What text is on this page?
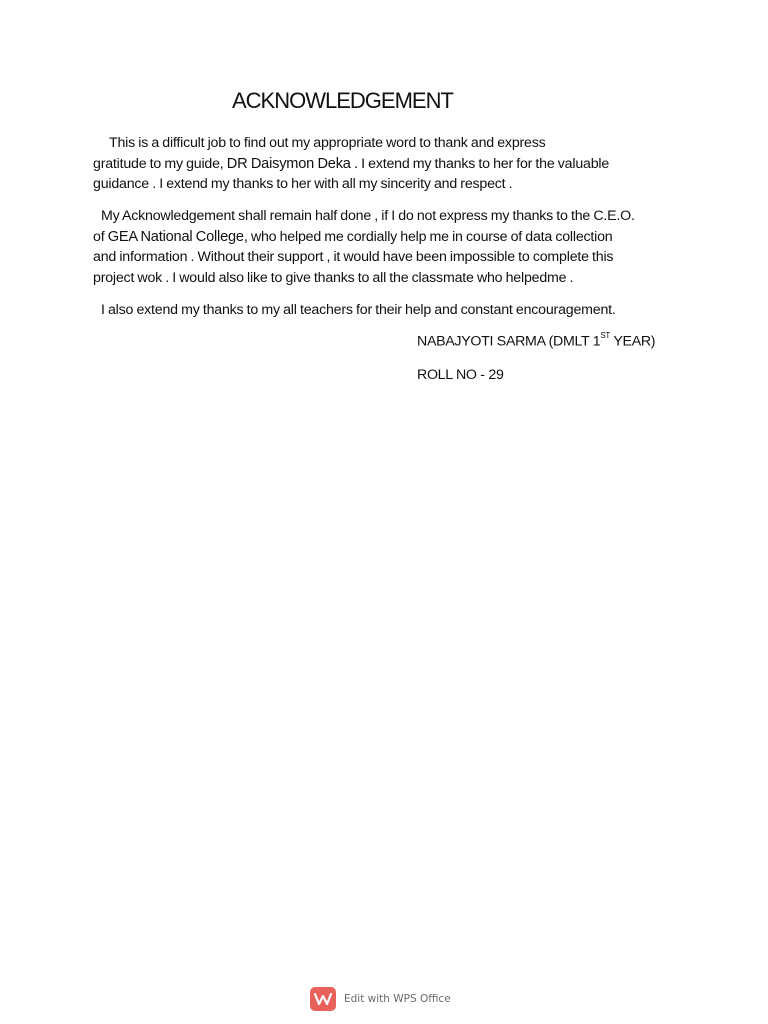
ACKNOWLEDGEMENT
This is a difficult job to find out my appropriate word to thank and express
gratitude to my guide, DR Daisymon Deka . I extend my thanks to her for the valuable
guidance . I extend my thanks to her with all my sincerity and respect .
My Acknowledgement shall remain half done , if I do not express my thanks to the C.E.O.
of GEA National College, who helped me cordially help me in course of data collection
and information . Without their support , it would have been impossible to complete this
project wok . I would also like to give thanks to all the classmate who helpedme .
I also extend my thanks to my all teachers for their help and constant encouragement.

NABAJYOTI SARMA (DMLT 1ST YEAR)

ROLL NO - 29

Edit with WPS Office
